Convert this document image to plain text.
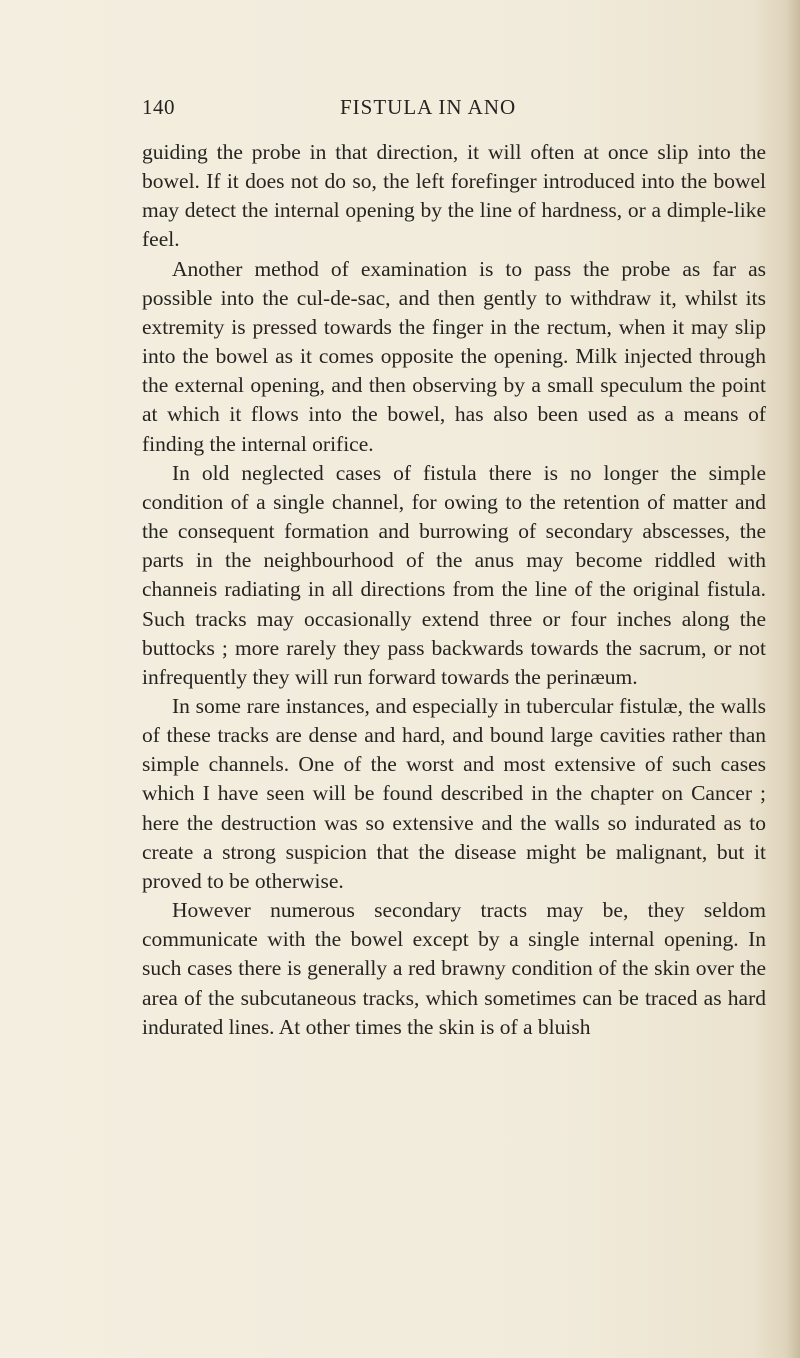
140	FISTULA IN ANO

guiding the probe in that direction, it will often at once slip into the bowel. If it does not do so, the left forefinger introduced into the bowel may detect the internal opening by the line of hardness, or a dimple-like feel.

Another method of examination is to pass the probe as far as possible into the cul-de-sac, and then gently to withdraw it, whilst its extremity is pressed towards the finger in the rectum, when it may slip into the bowel as it comes opposite the opening. Milk injected through the external opening, and then observing by a small speculum the point at which it flows into the bowel, has also been used as a means of finding the internal orifice.

In old neglected cases of fistula there is no longer the simple condition of a single channel, for owing to the retention of matter and the consequent formation and burrowing of secondary abscesses, the parts in the neighbourhood of the anus may become riddled with channeis radiating in all directions from the line of the original fistula. Such tracks may occasionally extend three or four inches along the buttocks ; more rarely they pass backwards towards the sacrum, or not infrequently they will run forward towards the perinæum.

In some rare instances, and especially in tubercular fistulæ, the walls of these tracks are dense and hard, and bound large cavities rather than simple channels. One of the worst and most extensive of such cases which I have seen will be found described in the chapter on Cancer ; here the destruction was so extensive and the walls so indurated as to create a strong suspicion that the disease might be malignant, but it proved to be otherwise.

However numerous secondary tracts may be, they seldom communicate with the bowel except by a single internal opening. In such cases there is generally a red brawny condition of the skin over the area of the subcutaneous tracks, which sometimes can be traced as hard indurated lines. At other times the skin is of a bluish
